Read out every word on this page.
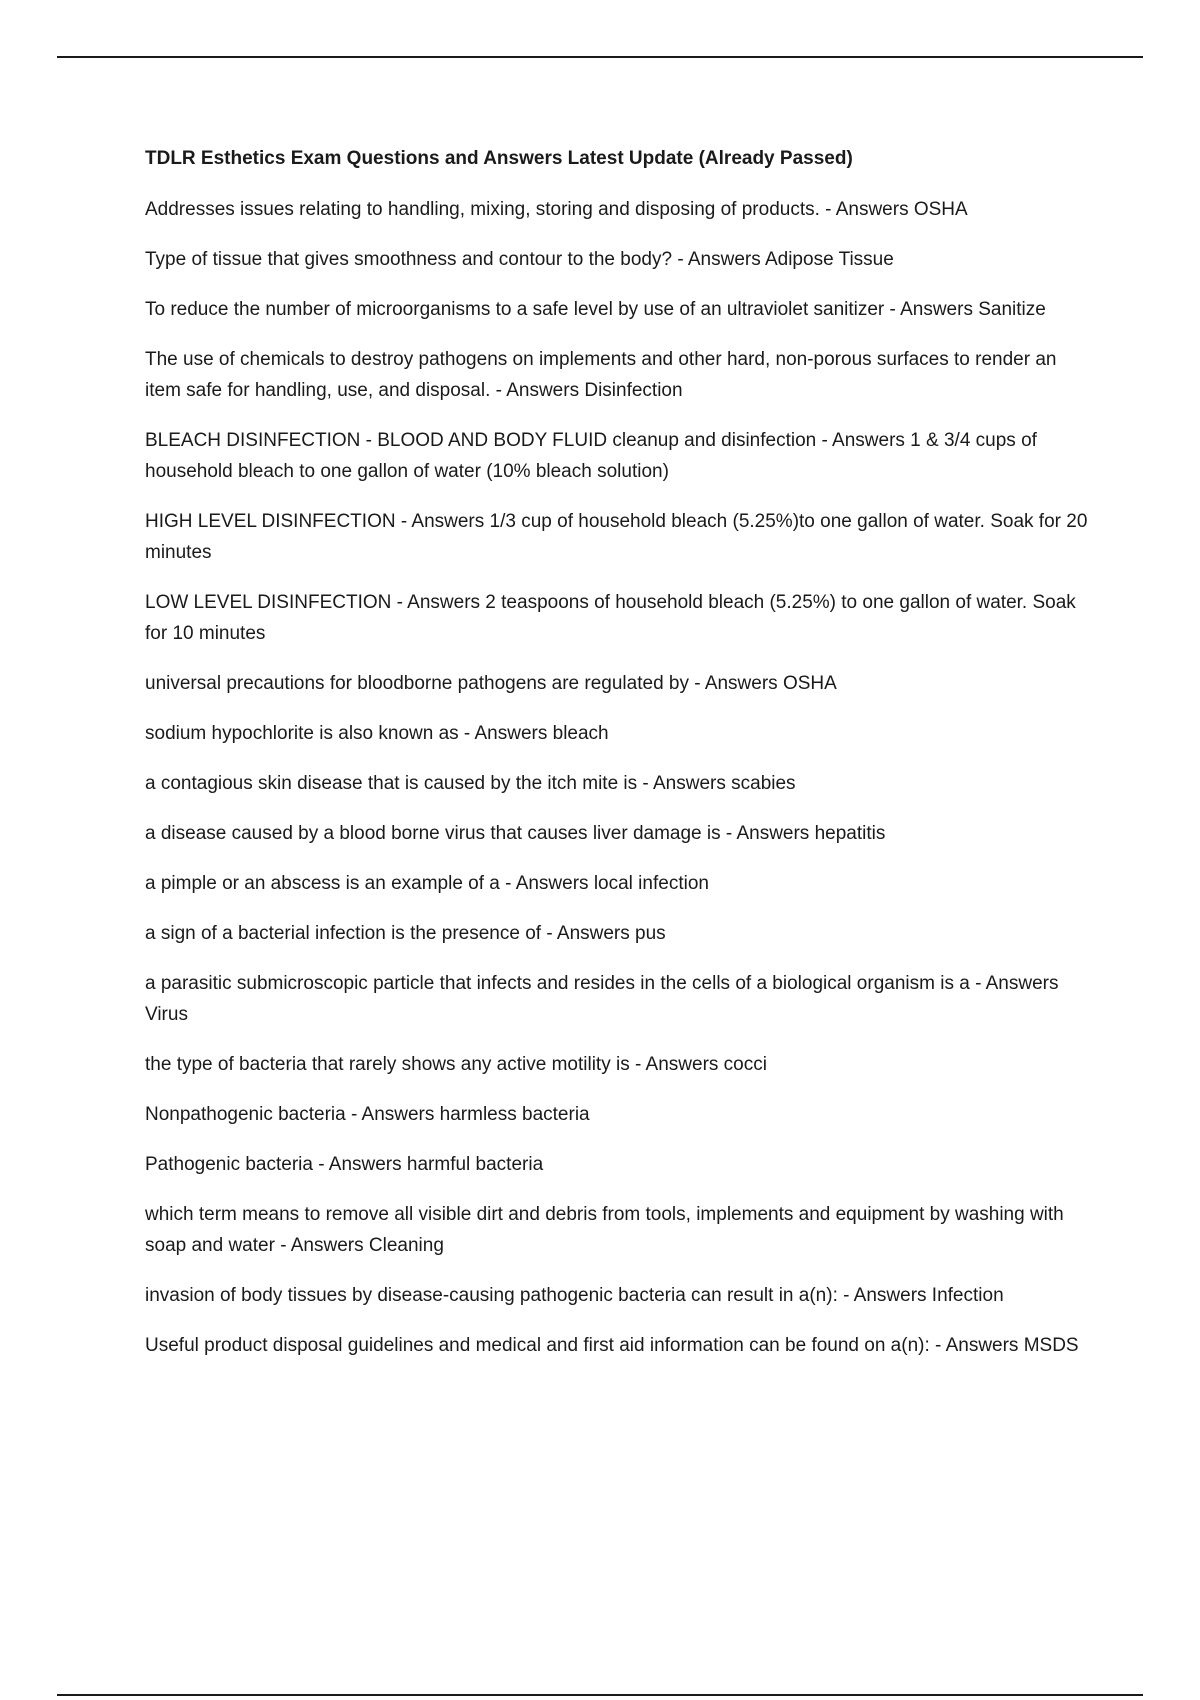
TDLR Esthetics Exam Questions and Answers Latest Update (Already Passed)
Addresses issues relating to handling, mixing, storing and disposing of products. - Answers OSHA
Type of tissue that gives smoothness and contour to the body? - Answers Adipose Tissue
To reduce the number of microorganisms to a safe level by use of an ultraviolet sanitizer - Answers Sanitize
The use of chemicals to destroy pathogens on implements and other hard, non-porous surfaces to render an item safe for handling, use, and disposal. - Answers Disinfection
BLEACH DISINFECTION - BLOOD AND BODY FLUID cleanup and disinfection - Answers 1 & 3/4 cups of household bleach to one gallon of water (10% bleach solution)
HIGH LEVEL DISINFECTION - Answers 1/3 cup of household bleach (5.25%)to one gallon of water. Soak for 20 minutes
LOW LEVEL DISINFECTION - Answers 2 teaspoons of household bleach (5.25%) to one gallon of water. Soak for 10 minutes
universal precautions for bloodborne pathogens are regulated by - Answers OSHA
sodium hypochlorite is also known as - Answers bleach
a contagious skin disease that is caused by the itch mite is - Answers scabies
a disease caused by a blood borne virus that causes liver damage is - Answers hepatitis
a pimple or an abscess is an example of a - Answers local infection
a sign of a bacterial infection is the presence of - Answers pus
a parasitic submicroscopic particle that infects and resides in the cells of a biological organism is a - Answers Virus
the type of bacteria that rarely shows any active motility is - Answers cocci
Nonpathogenic bacteria - Answers harmless bacteria
Pathogenic bacteria - Answers harmful bacteria
which term means to remove all visible dirt and debris from tools, implements and equipment by washing with soap and water - Answers Cleaning
invasion of body tissues by disease-causing pathogenic bacteria can result in a(n): - Answers Infection
Useful product disposal guidelines and medical and first aid information can be found on a(n): - Answers MSDS
